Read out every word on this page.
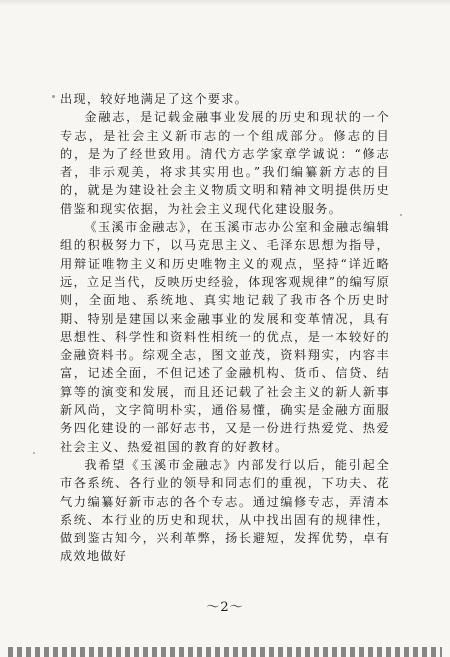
出现，较好地满足了这个要求。

金融志，是记载金融事业发展的历史和现状的一个专志，是社会主义新市志的一个组成部分。修志的目的，是为了经世致用。清代方志学家章学诚说：“修志者，非示观美，将求其实用也。”我们编纂新方志的目的，就是为建设社会主义物质文明和精神文明提供历史借鉴和现实依据，为社会主义现代化建设服务。

《玉溪市金融志》，在玉溪市志办公室和金融志编辑组的积极努力下，以马克思主义、毛泽东思想为指导，用辩证唯物主义和历史唯物主义的观点，坚持“详近略远，立足当代，反映历史经验，体现客观规律”的编写原则，全面地、系统地、真实地记载了我市各个历史时期、特别是建国以来金融事业的发展和变革情况，具有思想性、科学性和资料性相统一的优点，是一本较好的金融资料书。综观全志，图文並茂，资料翔实，内容丰富，记述全面，不但记述了金融机构、货币、信贷、结算等的演变和发展，而且还记载了社会主义的新人新事新风尚，文字简明朴实，通俗易懂，确实是金融方面服务四化建设的一部好志书，又是一份进行热爱党、热爱社会主义、热爱祖国的教育的好教材。

我希望《玉溪市金融志》内部发行以后，能引起全市各系统、各行业的领导和同志们的重视，下功夫、花气力编纂好新市志的各个专志。通过编修专志，弄清本系统、本行业的历史和现状，从中找出固有的规律性，做到鉴古知今，兴利革弊，扬长避短，发挥优势，卓有成效地做好

～2～
